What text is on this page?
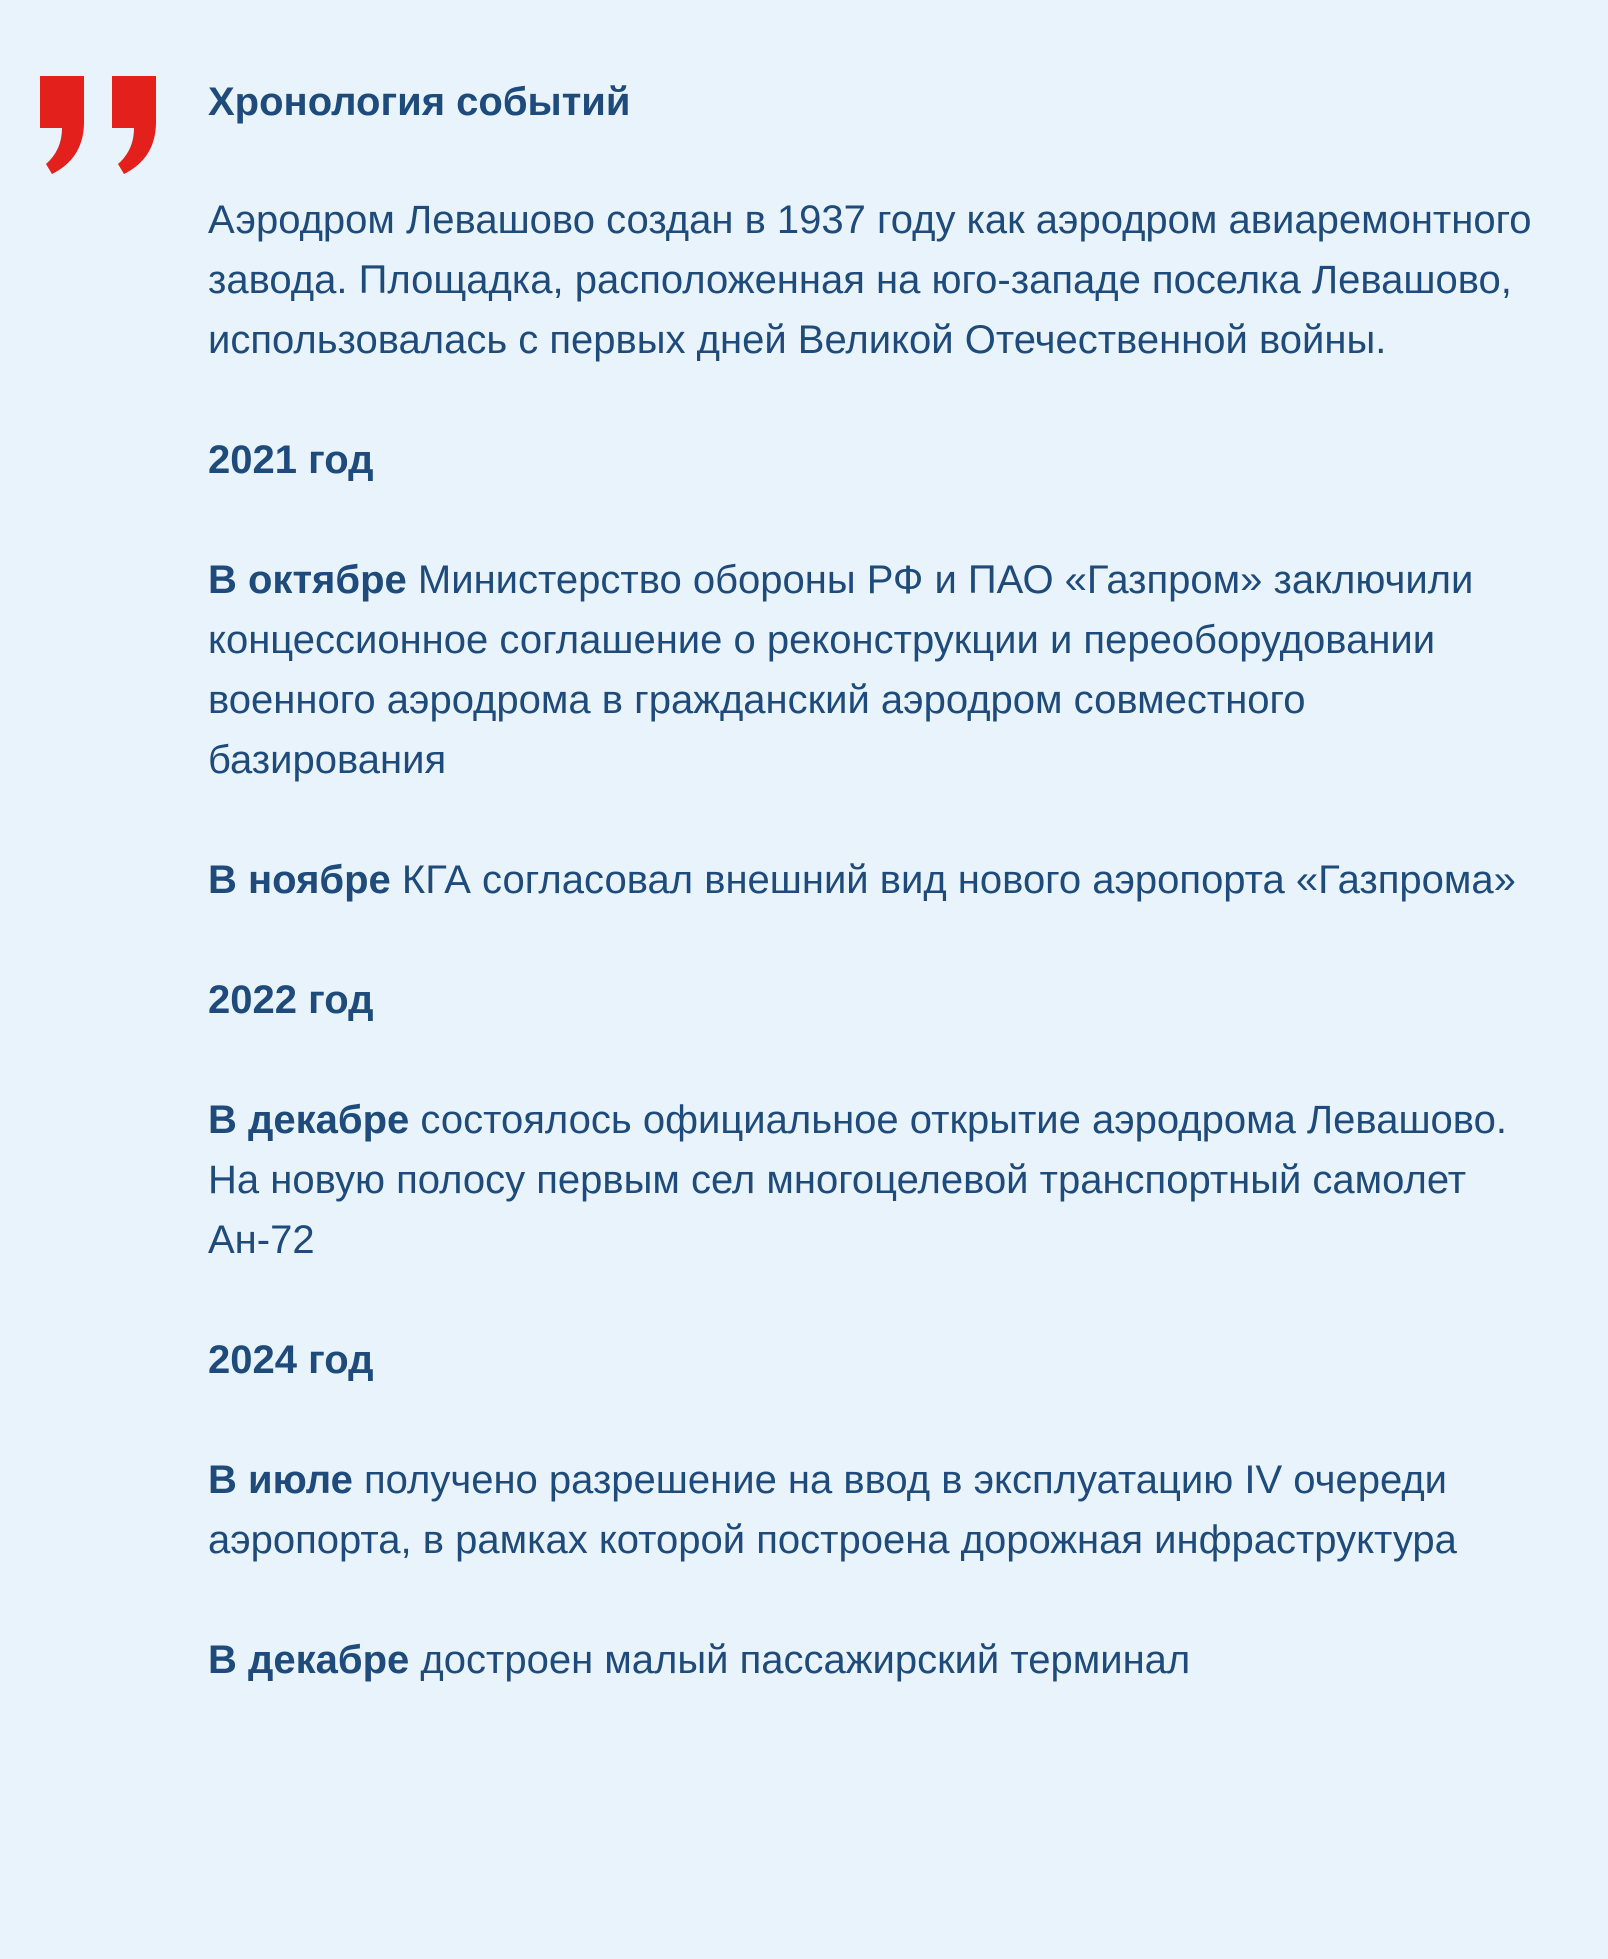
Хронология событий

Аэродром Левашово создан в 1937 году как аэродром авиаремонтного завода. Площадка, расположенная на юго-западе поселка Левашово, использовалась с первых дней Великой Отечественной войны.

2021 год

В октябре Министерство обороны РФ и ПАО «Газпром» заключили концессионное соглашение о реконструкции и переоборудовании военного аэродрома в гражданский аэродром совместного базирования

В ноябре КГА согласовал внешний вид нового аэропорта «Газпрома»

2022 год

В декабре состоялось официальное открытие аэродрома Левашово. На новую полосу первым сел многоцелевой транспортный самолет Ан-72

2024 год

В июле получено разрешение на ввод в эксплуатацию IV очереди аэропорта, в рамках которой построена дорожная инфраструктура

В декабре достроен малый пассажирский терминал
